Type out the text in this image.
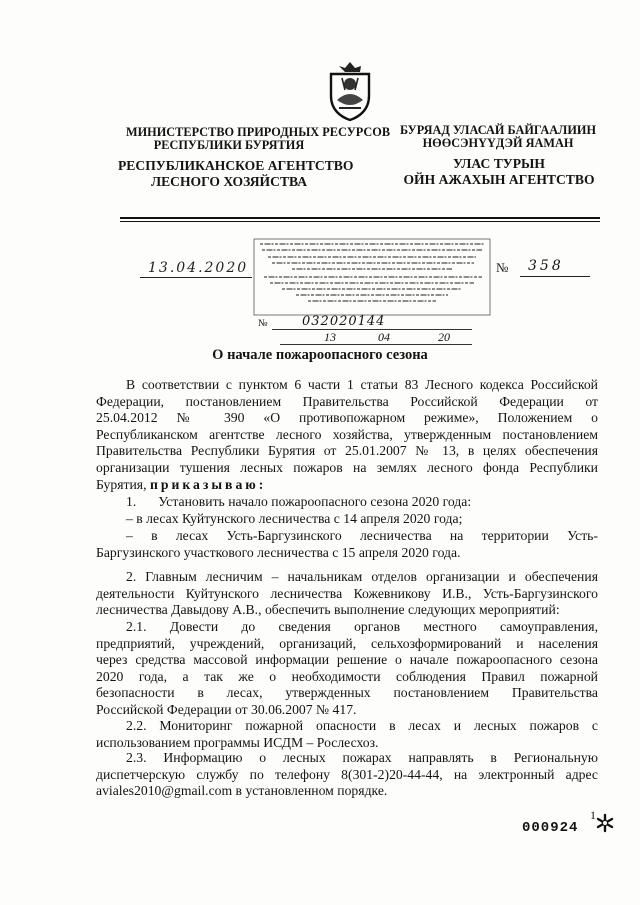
МИНИСТЕРСТВО ПРИРОДНЫХ РЕСУРСОВ
РЕСПУБЛИКИ БУРЯТИЯ
РЕСПУБЛИКАНСКОЕ АГЕНТСТВО
ЛЕСНОГО ХОЗЯЙСТВА
БУРЯАД УЛАСАЙ БАЙГААЛИИН
НӨӨСЭНҮҮДЭЙ ЯАМАН
УЛАС ТУРЫН
ОЙН АЖАХЫН АГЕНТСТВО
13.04.2020	№ 358
№	032020144
13	04	20
О начале пожароопасного сезона
В соответствии с пунктом 6 части 1 статьи 83 Лесного кодекса Российской
Федерации, постановлением Правительства Российской Федерации от
25.04.2012 № 390 «О противопожарном режиме», Положением о
Республиканском агентстве лесного хозяйства, утвержденным постановлением
Правительства Республики Бурятия от 25.01.2007 № 13, в целях обеспечения
организации тушения лесных пожаров на землях лесного фонда Республики
Бурятия, приказываю:
1. Установить начало пожароопасного сезона 2020 года:
– в лесах Куйтунского лесничества с 14 апреля 2020 года;
– в лесах Усть-Баргузинского лесничества на территории Усть-
Баргузинского участкового лесничества с 15 апреля 2020 года.
2. Главным лесничим – начальникам отделов организации и обеспечения
деятельности Куйтунского лесничества Кожевникову И.В., Усть-Баргузинского
лесничества Давыдову А.В., обеспечить выполнение следующих мероприятий:
2.1. Довести до сведения органов местного самоуправления,
предприятий, учреждений, организаций, сельхозформирований и населения
через средства массовой информации решение о начале пожароопасного сезона
2020 года, а так же о необходимости соблюдения Правил пожарной
безопасности в лесах, утвержденных постановлением Правительства
Российской Федерации от 30.06.2007 № 417.
2.2. Мониторинг пожарной опасности в лесах и лесных пожаров с
использованием программы ИСДМ – Рослесхоз.
2.3. Информацию о лесных пожарах направлять в Региональную
диспетчерскую службу по телефону 8(301-2)20-44-44, на электронный адрес
aviales2010@gmail.com в установленном порядке.
1
000924
